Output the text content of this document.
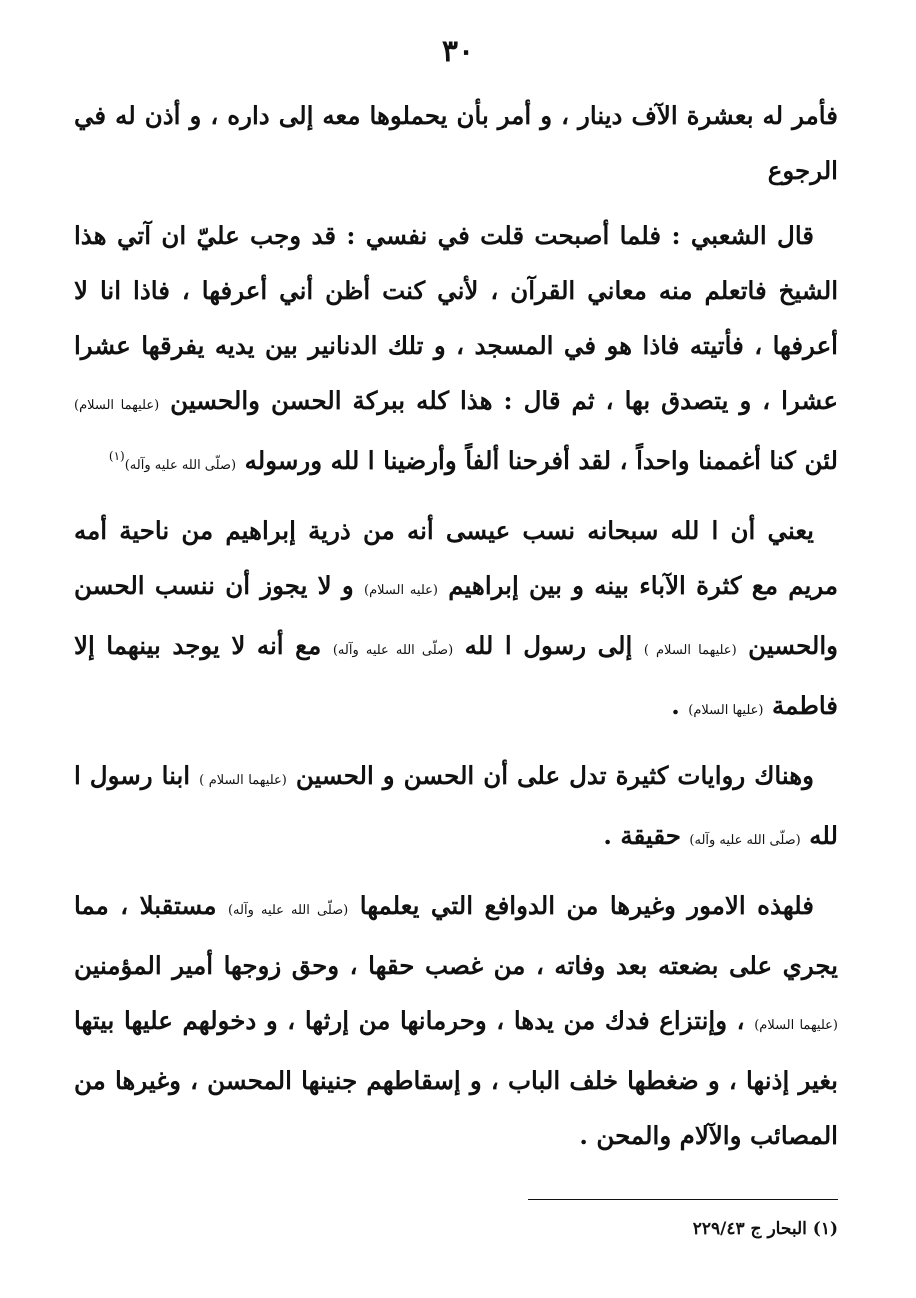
٣٠

فأمر له بعشرة الآف دينار ، و أمر بأن يحملوها معه إلى داره ، و أذن له في الرجوع

قال الشعبي : فلما أصبحت قلت في نفسي : قد وجب عليّ ان آتي هذا الشيخ فاتعلم منه معاني القرآن ، لأني كنت أظن أني أعرفها ، فاذا انا لا أعرفها ، فأتيته فاذا هو في المسجد ، و تلك الدنانير بين يديه يفرقها عشرا عشرا ، و يتصدق بها ، ثم قال : هذا كله ببركة الحسن والحسين (عليهما السلام) لئن كنا أغممنا واحداً ، لقد أفرحنا ألفاً وأرضينا ا لله ورسوله (صلّى الله عليه وآله)$^{(١)}$

يعني أن ا لله سبحانه نسب عيسى أنه من ذرية إبراهيم من ناحية أمه مريم مع كثرة الآباء بينه و بين إبراهيم (عليه السلام) و لا يجوز أن ننسب الحسن والحسين (عليهما السلام ) إلى رسول ا لله (صلّى الله عليه وآله) مع أنه لا يوجد بينهما إلا فاطمة (عليها السلام) .

وهناك روايات كثيرة تدل على أن الحسن و الحسين (عليهما السلام ) ابنا رسول ا لله (صلّى الله عليه وآله) حقيقة .

فلهذه الامور وغيرها من الدوافع التي يعلمها (صلّى الله عليه وآله) مستقبلا ، مما يجري على بضعته بعد وفاته ، من غصب حقها ، وحق زوجها أمير المؤمنين (عليهما السلام) ، وإنتزاع فدك من يدها ، وحرمانها من إرثها ، و دخولهم عليها بيتها بغير إذنها ، و ضغطها خلف الباب ، و إسقاطهم جنينها المحسن ، وغيرها من المصائب والآلام والمحن .

(١) البحار ج ٢٢٩/٤٣
